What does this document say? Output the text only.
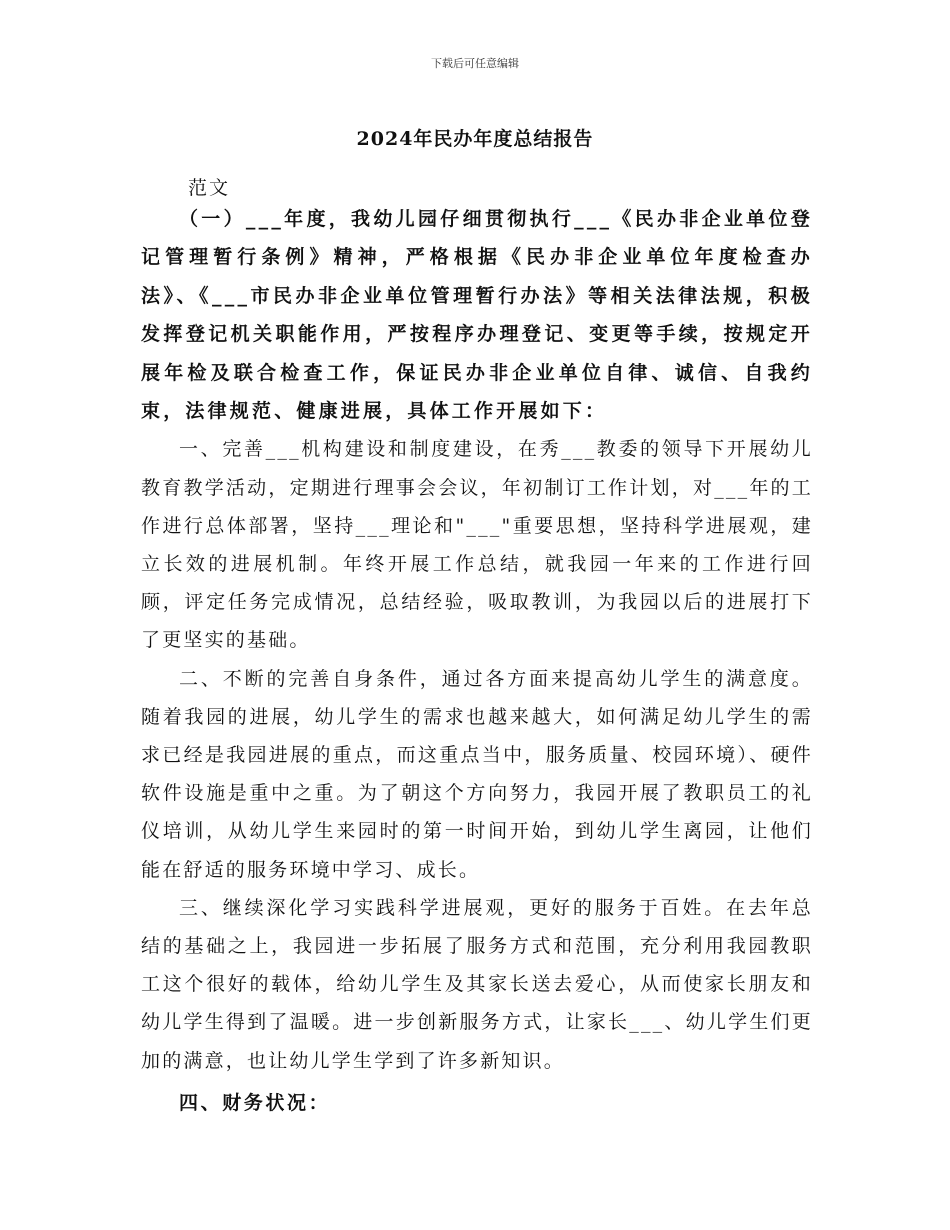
下载后可任意编辑
2024年民办年度总结报告
范文

（一）___年度，我幼儿园仔细贯彻执行___《民办非企业单位登记管理暂行条例》精神，严格根据《民办非企业单位年度检查办法》、《___市民办非企业单位管理暂行办法》等相关法律法规，积极发挥登记机关职能作用，严按程序办理登记、变更等手续，按规定开展年检及联合检查工作，保证民办非企业单位自律、诚信、自我约束，法律规范、健康进展，具体工作开展如下：

一、完善___机构建设和制度建设，在秀___教委的领导下开展幼儿教育教学活动，定期进行理事会会议，年初制订工作计划，对___年的工作进行总体部署，坚持___理论和"___"重要思想，坚持科学进展观，建立长效的进展机制。年终开展工作总结，就我园一年来的工作进行回顾，评定任务完成情况，总结经验，吸取教训，为我园以后的进展打下了更坚实的基础。

二、不断的完善自身条件，通过各方面来提高幼儿学生的满意度。随着我园的进展，幼儿学生的需求也越来越大，如何满足幼儿学生的需求已经是我园进展的重点，而这重点当中，服务质量、校园环境）、硬件软件设施是重中之重。为了朝这个方向努力，我园开展了教职员工的礼仪培训，从幼儿学生来园时的第一时间开始，到幼儿学生离园，让他们能在舒适的服务环境中学习、成长。

三、继续深化学习实践科学进展观，更好的服务于百姓。在去年总结的基础之上，我园进一步拓展了服务方式和范围，充分利用我园教职工这个很好的载体，给幼儿学生及其家长送去爱心，从而使家长朋友和幼儿学生得到了温暖。进一步创新服务方式，让家长___、幼儿学生们更加的满意，也让幼儿学生学到了许多新知识。

四、财务状况：
